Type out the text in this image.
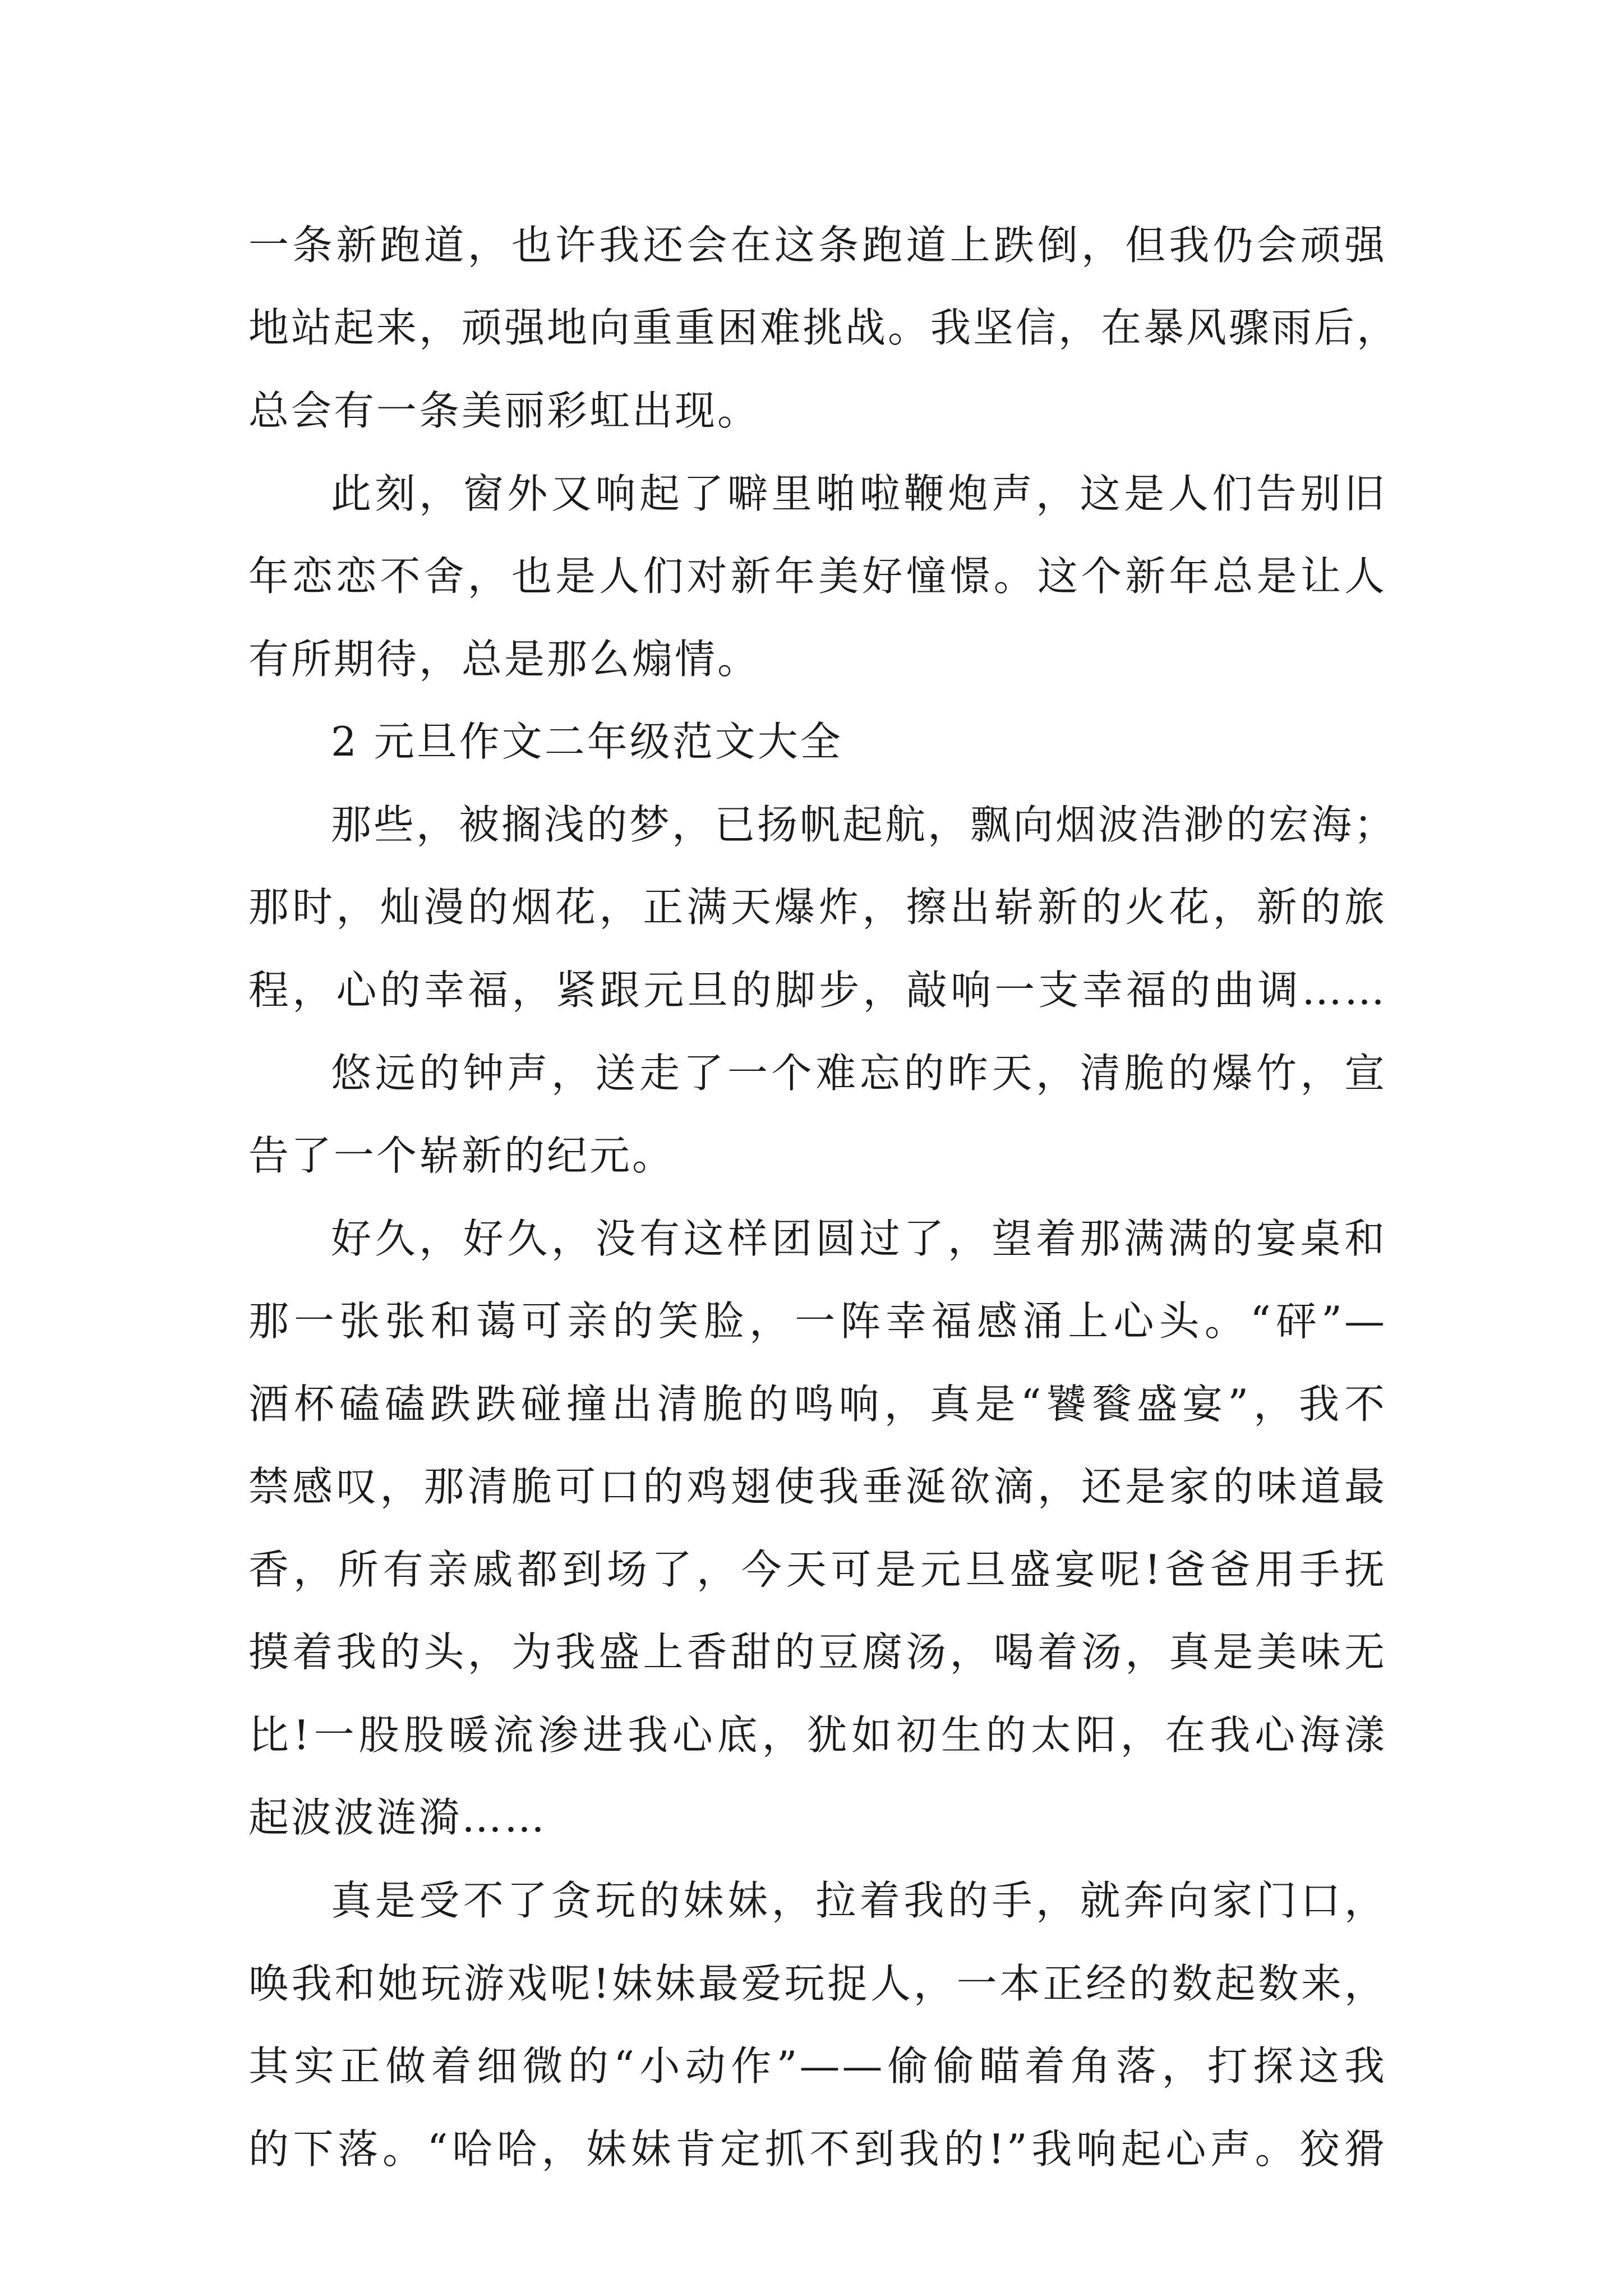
一条新跑道，也许我还会在这条跑道上跌倒，但我仍会顽强

地站起来，顽强地向重重困难挑战。我坚信，在暴风骤雨后，

总会有一条美丽彩虹出现。

此刻，窗外又响起了噼里啪啦鞭炮声，这是人们告别旧

年恋恋不舍，也是人们对新年美好憧憬。这个新年总是让人

有所期待，总是那么煽情。

2 元旦作文二年级范文大全

那些，被搁浅的梦，已扬帆起航，飘向烟波浩渺的宏海；

那时，灿漫的烟花，正满天爆炸，擦出崭新的火花，新的旅

程，心的幸福，紧跟元旦的脚步，敲响一支幸福的曲调……

悠远的钟声，送走了一个难忘的昨天，清脆的爆竹，宣

告了一个崭新的纪元。

好久，好久，没有这样团圆过了，望着那满满的宴桌和

那一张张和蔼可亲的笑脸，一阵幸福感涌上心头。“砰”—

酒杯磕磕跌跌碰撞出清脆的鸣响，真是“饕餮盛宴”，我不

禁感叹，那清脆可口的鸡翅使我垂涎欲滴，还是家的味道最

香，所有亲戚都到场了，今天可是元旦盛宴呢!爸爸用手抚

摸着我的头，为我盛上香甜的豆腐汤，喝着汤，真是美味无

比!一股股暖流渗进我心底，犹如初生的太阳，在我心海漾

起波波涟漪……

真是受不了贪玩的妹妹，拉着我的手，就奔向家门口，

唤我和她玩游戏呢!妹妹最爱玩捉人，一本正经的数起数来，

其实正做着细微的“小动作”——偷偷瞄着角落，打探这我

的下落。“哈哈，妹妹肯定抓不到我的!”我响起心声。狡猾
